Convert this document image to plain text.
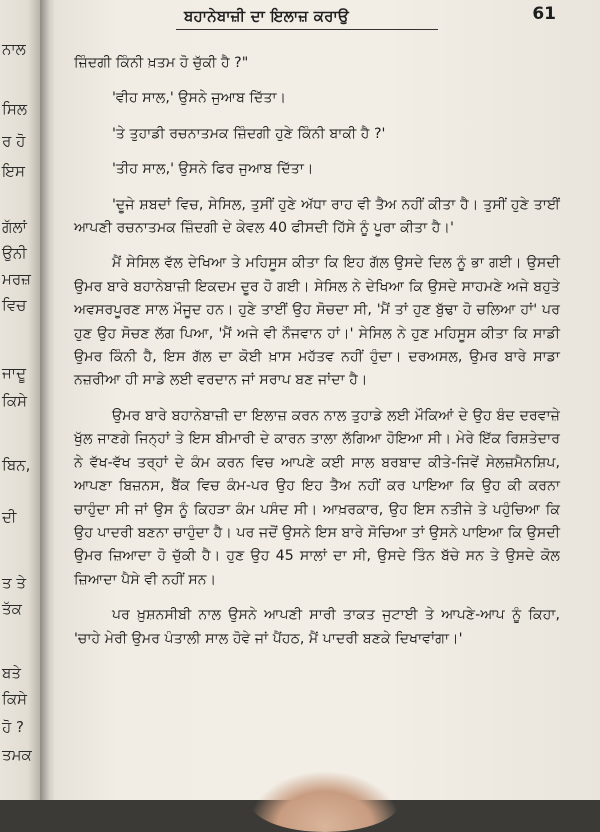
ਨਾਲ
ਸਿਲ
ਰ ਹੋ
ਇਸ
ਗੱਲਾਂ
ਉਨੀ
ਮਰਜ਼
ਵਿਚ
ਜਾਦੂ
ਕਿਸੇ
ਬਿਨ,
ਦੀ
ਤ ਤੇ
ਤੱਕ
ਬਤੇ
ਕਿਸੇ
ਹੋ ?
ਤਮਕ
ਬਹਾਨੇਬਾਜ਼ੀ ਦਾ ਇਲਾਜ਼ ਕਰਾਉ	61

ਜ਼ਿੰਦਗੀ ਕਿੰਨੀ ਖ਼ਤਮ ਹੋ ਚੁੱਕੀ ਹੈ ?"

'ਵੀਹ ਸਾਲ,' ਉਸਨੇ ਜੁਆਬ ਦਿੱਤਾ।

'ਤੇ ਤੁਹਾਡੀ ਰਚਨਾਤਮਕ ਜ਼ਿੰਦਗੀ ਹੁਣੇ ਕਿੰਨੀ ਬਾਕੀ ਹੈ ?'

'ਤੀਹ ਸਾਲ,' ਉਸਨੇ ਫਿਰ ਜੁਆਬ ਦਿੱਤਾ।

'ਦੂਜੇ ਸ਼ਬਦਾਂ ਵਿਚ, ਸੇਸਿਲ, ਤੁਸੀਂ ਹੁਣੇ ਅੱਧਾ ਰਾਹ ਵੀ ਤੈਅ ਨਹੀਂ ਕੀਤਾ ਹੈ। ਤੁਸੀਂ ਹੁਣੇ ਤਾਈਂ ਆਪਣੀ ਰਚਨਾਤਮਕ ਜ਼ਿੰਦਗੀ ਦੇ ਕੇਵਲ 40 ਫੀਸਦੀ ਹਿੱਸੇ ਨੂੰ ਪੂਰਾ ਕੀਤਾ ਹੈ।'

ਮੈਂ ਸੇਸਿਲ ਵੱਲ ਦੇਖਿਆ ਤੇ ਮਹਿਸੂਸ ਕੀਤਾ ਕਿ ਇਹ ਗੱਲ ਉਸਦੇ ਦਿਲ ਨੂੰ ਭਾ ਗਈ। ਉਸਦੀ ਉਮਰ ਬਾਰੇ ਬਹਾਨੇਬਾਜ਼ੀ ਇਕਦਮ ਦੂਰ ਹੋ ਗਈ। ਸੇਸਿਲ ਨੇ ਦੇਖਿਆ ਕਿ ਉਸਦੇ ਸਾਹਮਣੇ ਅਜੇ ਬਹੁਤੇ ਅਵਸਰਪੂਰਣ ਸਾਲ ਮੌਜੂਦ ਹਨ। ਹੁਣੇ ਤਾਈਂ ਉਹ ਸੋਚਦਾ ਸੀ, 'ਮੈਂ ਤਾਂ ਹੁਣ ਬੁੱਢਾ ਹੋ ਚਲਿਆ ਹਾਂ' ਪਰ ਹੁਣ ਉਹ ਸੋਚਣ ਲੱਗ ਪਿਆ, 'ਮੈਂ ਅਜੇ ਵੀ ਨੌਜਵਾਨ ਹਾਂ।' ਸੇਸਿਲ ਨੇ ਹੁਣ ਮਹਿਸੂਸ ਕੀਤਾ ਕਿ ਸਾਡੀ ਉਮਰ ਕਿੰਨੀ ਹੈ, ਇਸ ਗੱਲ ਦਾ ਕੋਈ ਖ਼ਾਸ ਮਹੱਤਵ ਨਹੀਂ ਹੁੰਦਾ। ਦਰਅਸਲ, ਉਮਰ ਬਾਰੇ ਸਾਡਾ ਨਜ਼ਰੀਆ ਹੀ ਸਾਡੇ ਲਈ ਵਰਦਾਨ ਜਾਂ ਸਰਾਪ ਬਣ ਜਾਂਦਾ ਹੈ।

ਉਮਰ ਬਾਰੇ ਬਹਾਨੇਬਾਜ਼ੀ ਦਾ ਇਲਾਜ਼ ਕਰਨ ਨਾਲ ਤੁਹਾਡੇ ਲਈ ਮੌਕਿਆਂ ਦੇ ਉਹ ਬੰਦ ਦਰਵਾਜ਼ੇ ਖੁੱਲ ਜਾਣਗੇ ਜਿਨ੍ਹਾਂ ਤੇ ਇਸ ਬੀਮਾਰੀ ਦੇ ਕਾਰਨ ਤਾਲਾ ਲੱਗਿਆ ਹੋਇਆ ਸੀ। ਮੇਰੇ ਇੱਕ ਰਿਸ਼ਤੇਦਾਰ ਨੇ ਵੱਖ-ਵੱਖ ਤਰ੍ਹਾਂ ਦੇ ਕੰਮ ਕਰਨ ਵਿਚ ਆਪਣੇ ਕਈ ਸਾਲ ਬਰਬਾਦ ਕੀਤੇ-ਜਿਵੇਂ ਸੇਲਜ਼ਮੈਨਸ਼ਿਪ, ਆਪਣਾ ਬਿਜ਼ਨਸ, ਬੈਂਕ ਵਿਚ ਕੰਮ-ਪਰ ਉਹ ਇਹ ਤੈਅ ਨਹੀਂ ਕਰ ਪਾਇਆ ਕਿ ਉਹ ਕੀ ਕਰਨਾ ਚਾਹੁੰਦਾ ਸੀ ਜਾਂ ਉਸ ਨੂੰ ਕਿਹੜਾ ਕੰਮ ਪਸੰਦ ਸੀ। ਆਖ਼ਰਕਾਰ, ਉਹ ਇਸ ਨਤੀਜੇ ਤੇ ਪਹੁੰਚਿਆ ਕਿ ਉਹ ਪਾਦਰੀ ਬਣਨਾ ਚਾਹੁੰਦਾ ਹੈ। ਪਰ ਜਦੋਂ ਉਸਨੇ ਇਸ ਬਾਰੇ ਸੋਚਿਆ ਤਾਂ ਉਸਨੇ ਪਾਇਆ ਕਿ ਉਸਦੀ ਉਮਰ ਜ਼ਿਆਦਾ ਹੋ ਚੁੱਕੀ ਹੈ। ਹੁਣ ਉਹ 45 ਸਾਲਾਂ ਦਾ ਸੀ, ਉਸਦੇ ਤਿੰਨ ਬੱਚੇ ਸਨ ਤੇ ਉਸਦੇ ਕੋਲ ਜ਼ਿਆਦਾ ਪੈਸੇ ਵੀ ਨਹੀਂ ਸਨ।

ਪਰ ਖ਼ੁਸ਼ਨਸੀਬੀ ਨਾਲ ਉਸਨੇ ਆਪਣੀ ਸਾਰੀ ਤਾਕਤ ਜੁਟਾਈ ਤੇ ਆਪਣੇ-ਆਪ ਨੂੰ ਕਿਹਾ, 'ਚਾਹੇ ਮੇਰੀ ਉਮਰ ਪੰਤਾਲੀ ਸਾਲ ਹੋਵੇ ਜਾਂ ਪੈਂਹਠ, ਮੈਂ ਪਾਦਰੀ ਬਣਕੇ ਦਿਖਾਵਾਂਗਾ।'
